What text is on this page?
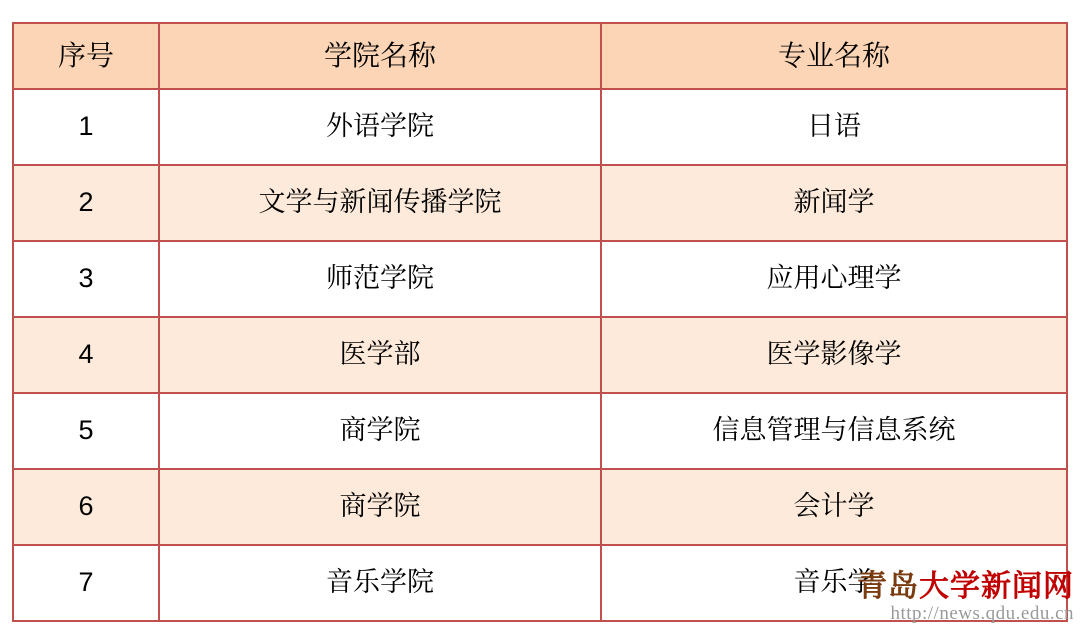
序号	学院名称	专业名称
1	外语学院	日语
2	文学与新闻传播学院	新闻学
3	师范学院	应用心理学
4	医学部	医学影像学
5	商学院	信息管理与信息系统
6	商学院	会计学
7	音乐学院	音乐学
青岛大学新闻网
http://news.qdu.edu.cn
